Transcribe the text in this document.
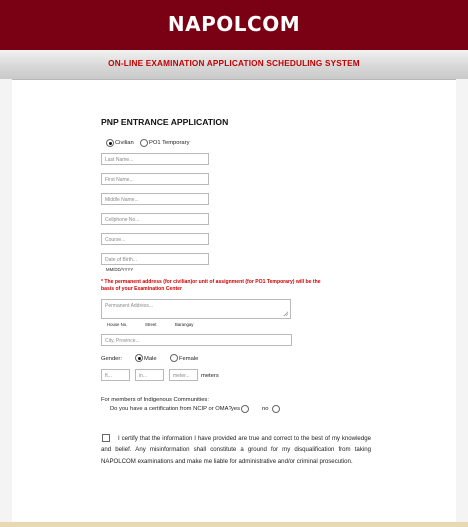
NAPOLCOM
ON-LINE EXAMINATION APPLICATION SCHEDULING SYSTEM
PNP ENTRANCE APPLICATION
Civilian	PO1 Temporary
Last Name...
First Name...
Middle Name...
Cellphone No...
Course...
Date of Birth...
MM/DD/YYYY
* The permanent address (for civilian)or unit of assignment (for PO1 Temporary) will be the basis of your Examination Center
Permanent Address...
House No.	Street	Barangay
City, Province...
Gender:	Male	Female
ft...	in...	meter...	meters
For members of Indigenous Communities:
Do you have a certification from NCIP or OMA? yes	no
I certify that the information I have provided are true and correct to the best of my knowledge and belief. Any misinformation shall constitute a ground for my disqualification from taking NAPOLCOM examinations and make me liable for administrative and/or criminal prosecution.
